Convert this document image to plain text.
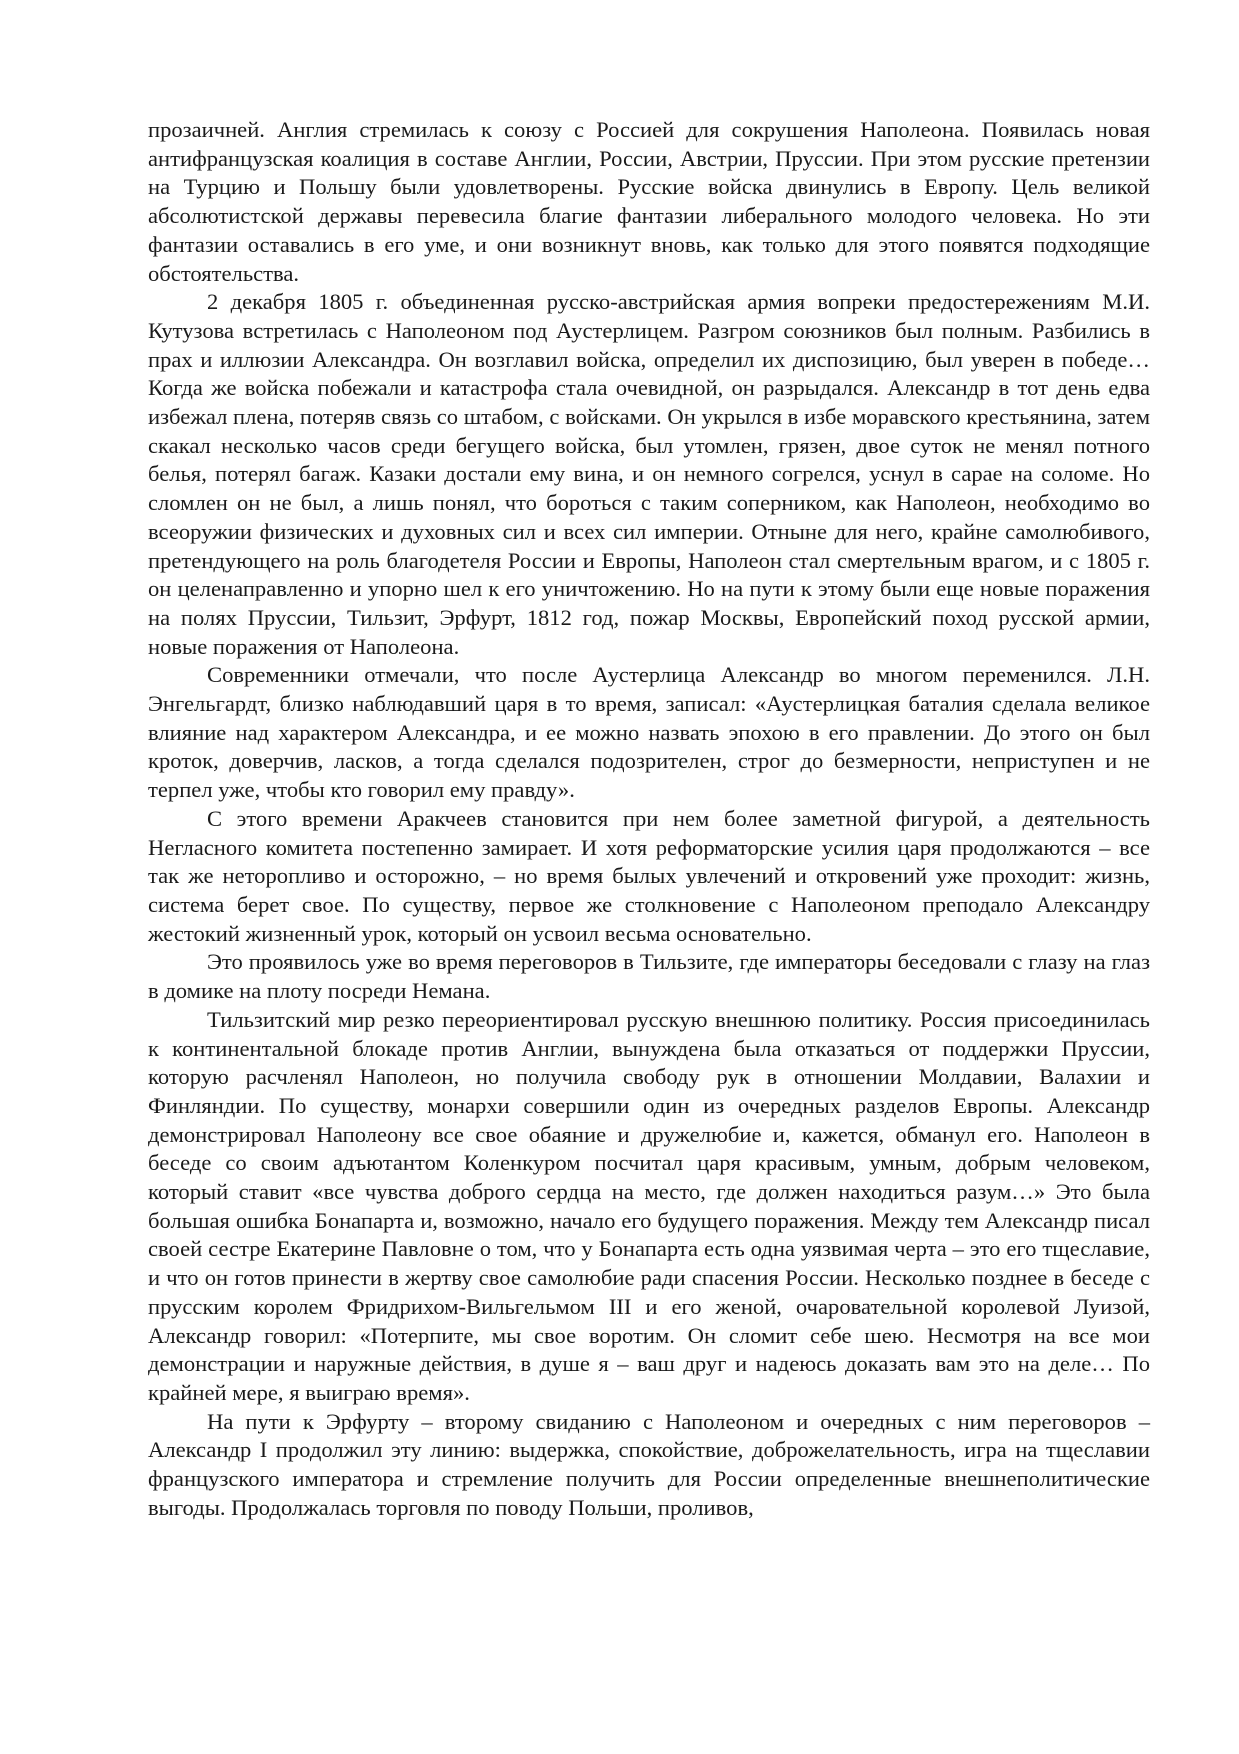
прозаичней. Англия стремилась к союзу с Россией для сокрушения Наполеона. Появилась новая антифранцузская коалиция в составе Англии, России, Австрии, Пруссии. При этом русские претензии на Турцию и Польшу были удовлетворены. Русские войска двинулись в Европу. Цель великой абсолютистской державы перевесила благие фантазии либерального молодого человека. Но эти фантазии оставались в его уме, и они возникнут вновь, как только для этого появятся подходящие обстоятельства.

2 декабря 1805 г. объединенная русско-австрийская армия вопреки предостережениям М.И. Кутузова встретилась с Наполеоном под Аустерлицем. Разгром союзников был полным. Разбились в прах и иллюзии Александра. Он возглавил войска, определил их диспозицию, был уверен в победе… Когда же войска побежали и катастрофа стала очевидной, он разрыдался. Александр в тот день едва избежал плена, потеряв связь со штабом, с войсками. Он укрылся в избе моравского крестьянина, затем скакал несколько часов среди бегущего войска, был утомлен, грязен, двое суток не менял потного белья, потерял багаж. Казаки достали ему вина, и он немного согрелся, уснул в сарае на соломе. Но сломлен он не был, а лишь понял, что бороться с таким соперником, как Наполеон, необходимо во всеоружии физических и духовных сил и всех сил империи. Отныне для него, крайне самолюбивого, претендующего на роль благодетеля России и Европы, Наполеон стал смертельным врагом, и с 1805 г. он целенаправленно и упорно шел к его уничтожению. Но на пути к этому были еще новые поражения на полях Пруссии, Тильзит, Эрфурт, 1812 год, пожар Москвы, Европейский поход русской армии, новые поражения от Наполеона.

Современники отмечали, что после Аустерлица Александр во многом переменился. Л.Н. Энгельгардт, близко наблюдавший царя в то время, записал: «Аустерлицкая баталия сделала великое влияние над характером Александра, и ее можно назвать эпохою в его правлении. До этого он был кроток, доверчив, ласков, а тогда сделался подозрителен, строг до безмерности, неприступен и не терпел уже, чтобы кто говорил ему правду».

С этого времени Аракчеев становится при нем более заметной фигурой, а деятельность Негласного комитета постепенно замирает. И хотя реформаторские усилия царя продолжаются – все так же неторопливо и осторожно, – но время былых увлечений и откровений уже проходит: жизнь, система берет свое. По существу, первое же столкновение с Наполеоном преподало Александру жестокий жизненный урок, который он усвоил весьма основательно.

Это проявилось уже во время переговоров в Тильзите, где императоры беседовали с глазу на глаз в домике на плоту посреди Немана.

Тильзитский мир резко переориентировал русскую внешнюю политику. Россия присоединилась к континентальной блокаде против Англии, вынуждена была отказаться от поддержки Пруссии, которую расчленял Наполеон, но получила свободу рук в отношении Молдавии, Валахии и Финляндии. По существу, монархи совершили один из очередных разделов Европы. Александр демонстрировал Наполеону все свое обаяние и дружелюбие и, кажется, обманул его. Наполеон в беседе со своим адъютантом Коленкуром посчитал царя красивым, умным, добрым человеком, который ставит «все чувства доброго сердца на место, где должен находиться разум…» Это была большая ошибка Бонапарта и, возможно, начало его будущего поражения. Между тем Александр писал своей сестре Екатерине Павловне о том, что у Бонапарта есть одна уязвимая черта – это его тщеславие, и что он готов принести в жертву свое самолюбие ради спасения России. Несколько позднее в беседе с прусским королем Фридрихом-Вильгельмом III и его женой, очаровательной королевой Луизой, Александр говорил: «Потерпите, мы свое воротим. Он сломит себе шею. Несмотря на все мои демонстрации и наружные действия, в душе я – ваш друг и надеюсь доказать вам это на деле… По крайней мере, я выиграю время».

На пути к Эрфурту – второму свиданию с Наполеоном и очередных с ним переговоров – Александр I продолжил эту линию: выдержка, спокойствие, доброжелательность, игра на тщеславии французского императора и стремление получить для России определенные внешнеполитические выгоды. Продолжалась торговля по поводу Польши, проливов,
